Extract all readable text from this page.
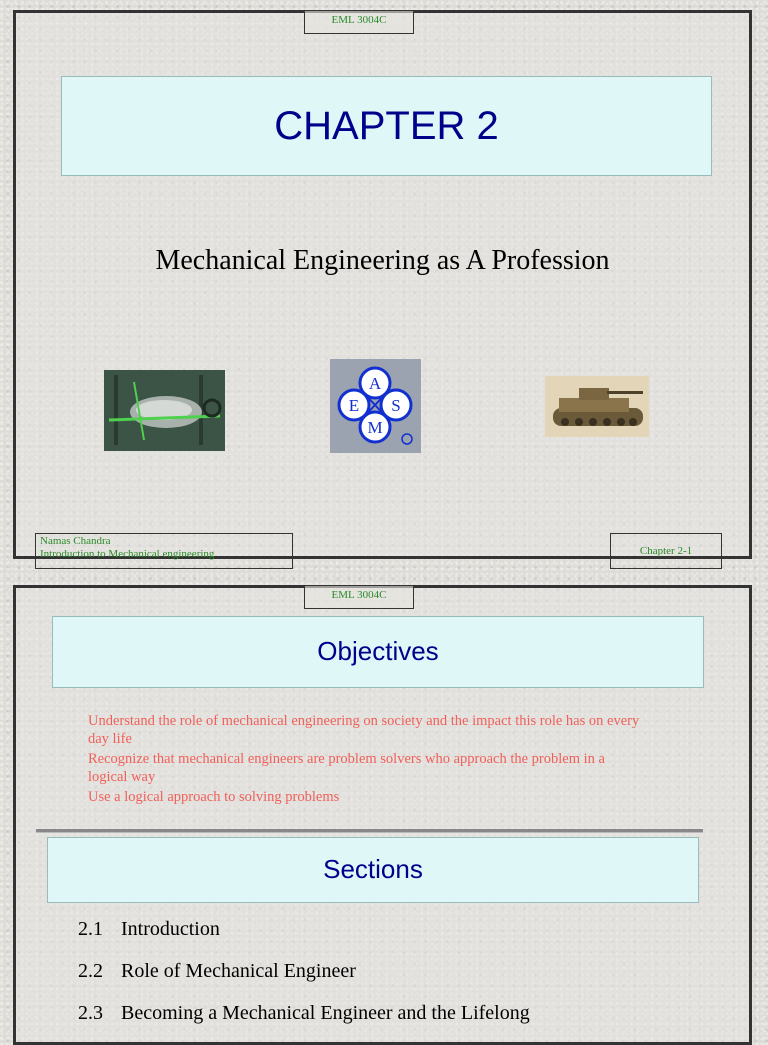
EML 3004C
CHAPTER 2
Mechanical Engineering as A Profession
A
E S
M
Namas Chandra
Introduction to Mechanical engineering	Chapter 2-1
EML 3004C
Objectives
Understand the role of mechanical engineering on society and the impact this role has on every day life
Recognize that mechanical engineers are problem solvers who approach the problem in a logical way
Use a logical approach to solving problems
Sections
2.1 Introduction
2.2 Role of Mechanical Engineer
2.3 Becoming a Mechanical Engineer and the Lifelong
